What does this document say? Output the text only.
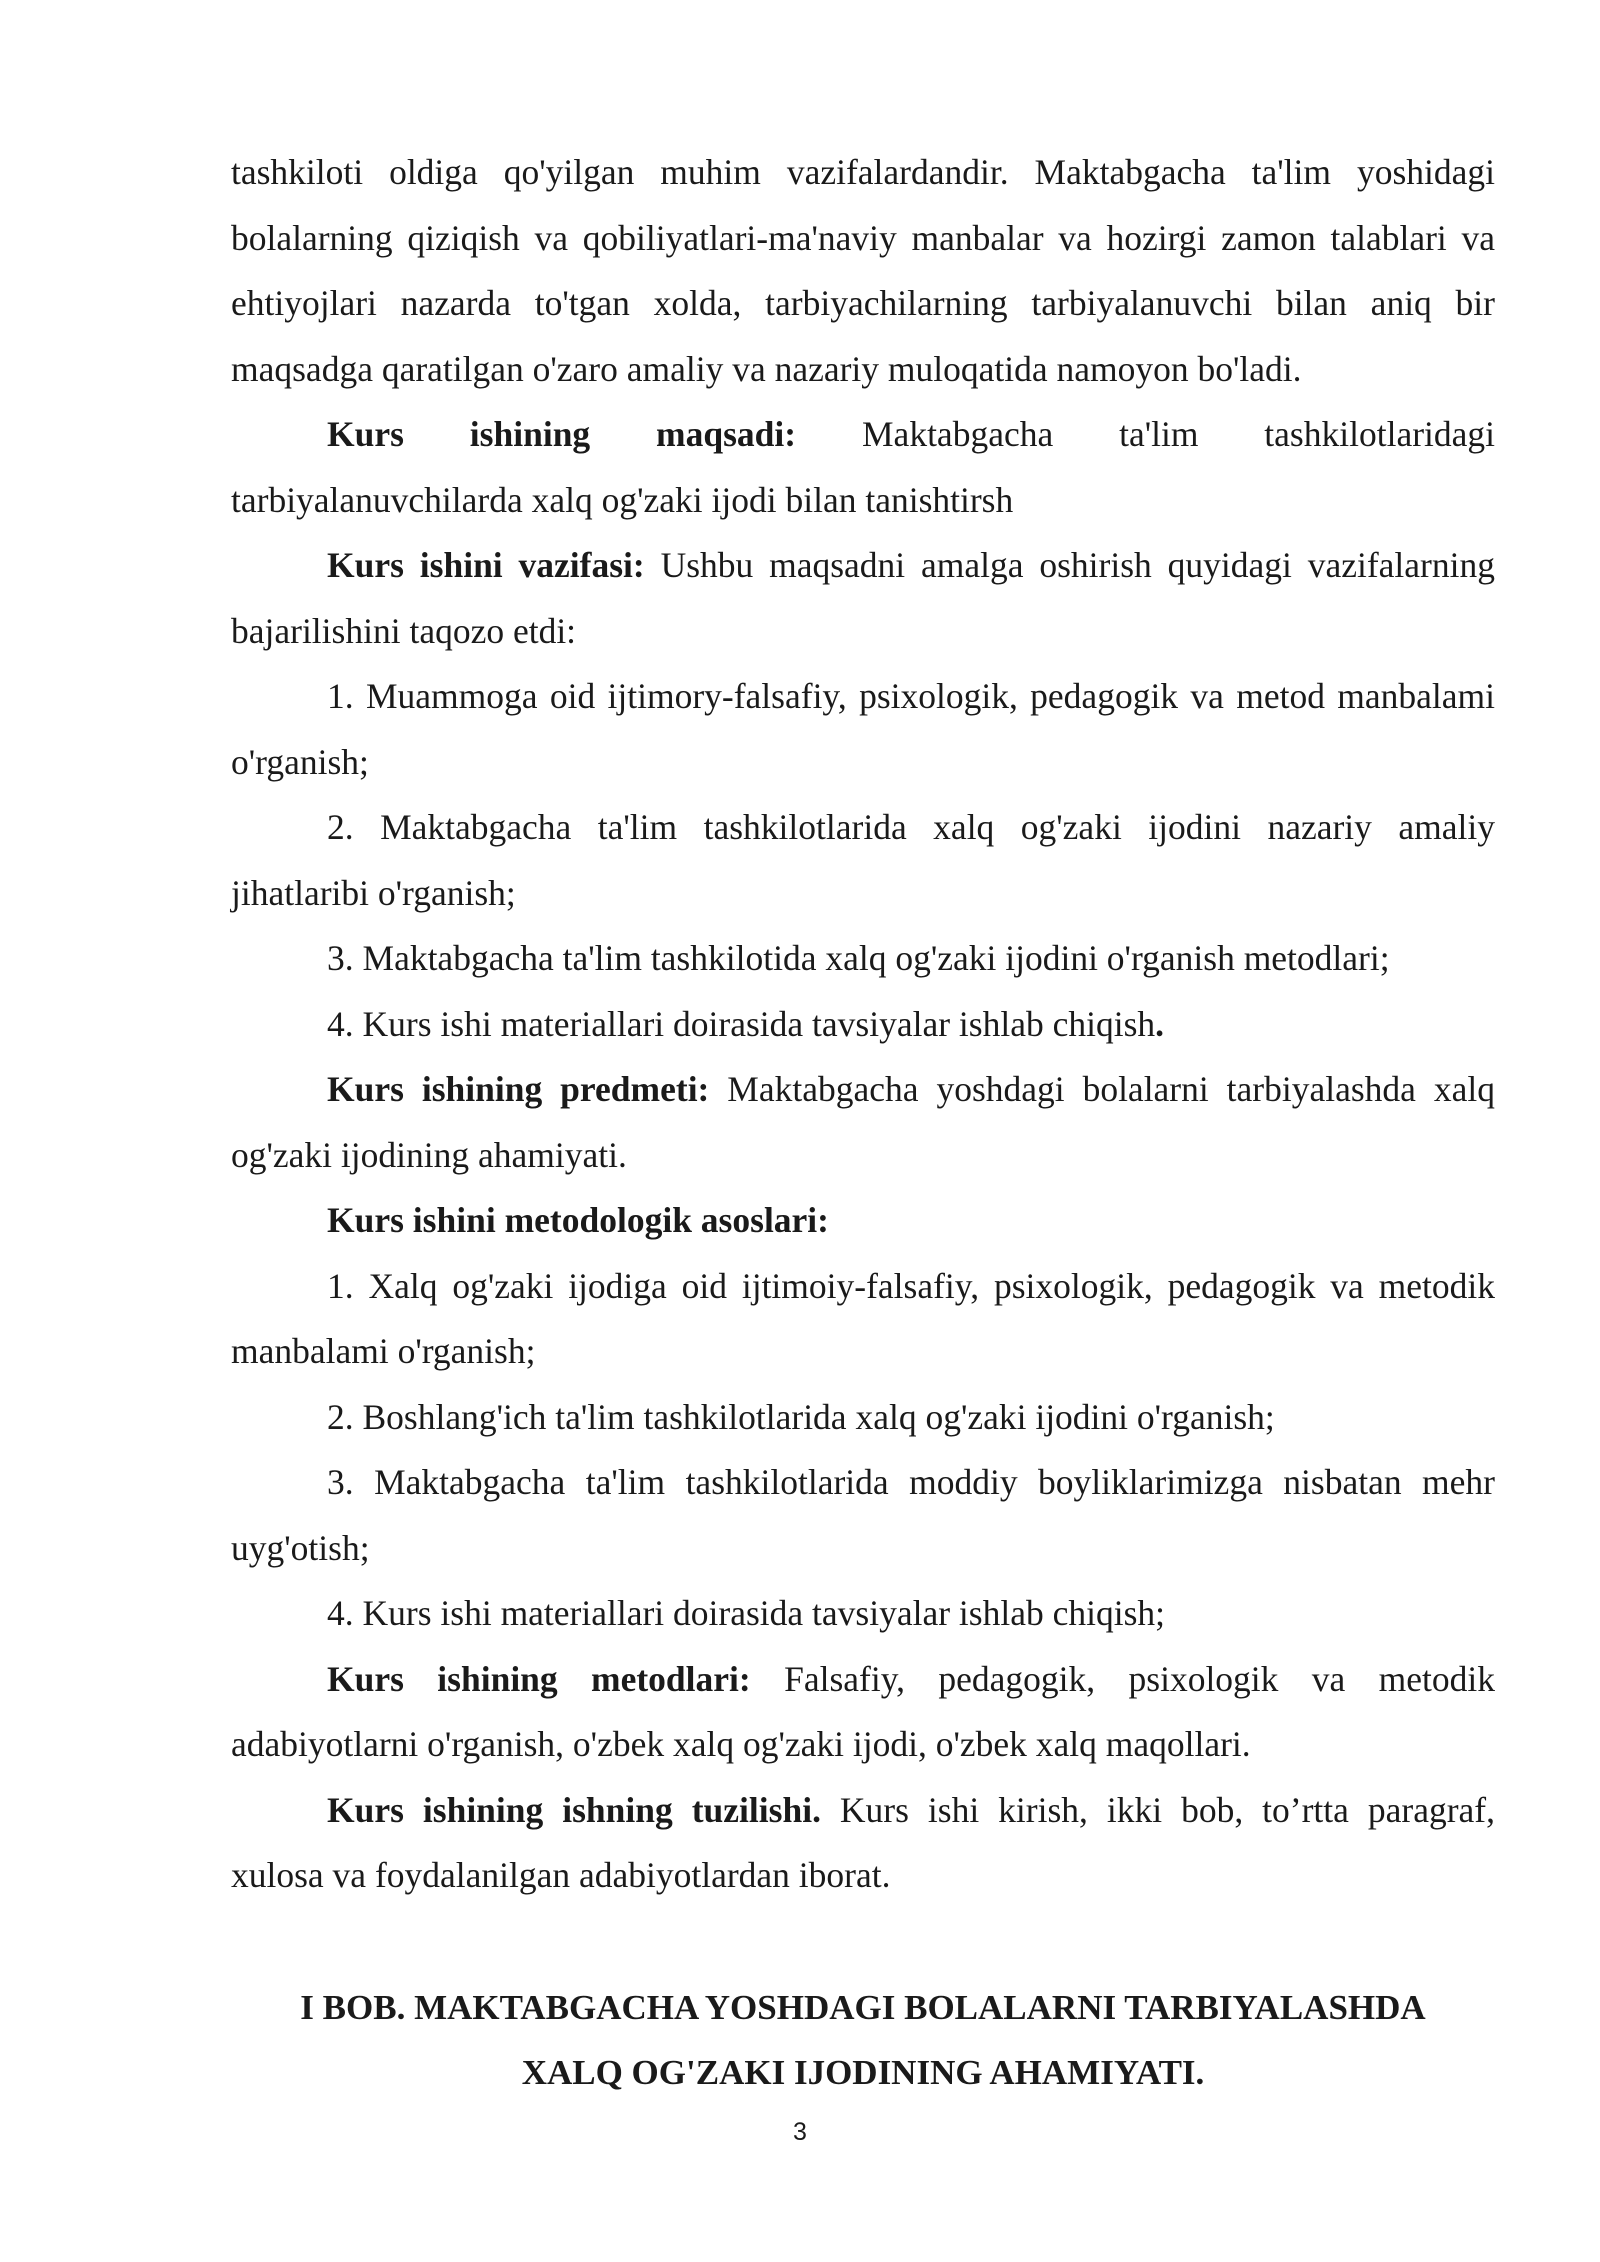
tashkiloti oldiga qo'yilgan muhim vazifalardandir. Maktabgacha ta'lim yoshidagi bolalarning qiziqish va qobiliyatlari-ma'naviy manbalar va hozirgi zamon talablari va ehtiyojlari nazarda to'tgan xolda, tarbiyachilarning tarbiyalanuvchi bilan aniq bir maqsadga qaratilgan o'zaro amaliy va nazariy muloqatida namoyon bo'ladi.

Kurs ishining maqsadi: Maktabgacha ta'lim tashkilotlaridagi tarbiyalanuvchilarda xalq og'zaki ijodi bilan tanishtirsh

Kurs ishini vazifasi: Ushbu maqsadni amalga oshirish quyidagi vazifalarning bajarilishini taqozo etdi:

1. Muammoga oid ijtimory-falsafiy, psixologik, pedagogik va metod manbalami o'rganish;

2. Maktabgacha ta'lim tashkilotlarida xalq og'zaki ijodini nazariy amaliy jihatlaribi o'rganish;

3. Maktabgacha ta'lim tashkilotida xalq og'zaki ijodini o'rganish metodlari;

4. Kurs ishi materiallari doirasida tavsiyalar ishlab chiqish.

Kurs ishining predmeti: Maktabgacha yoshdagi bolalarni tarbiyalashda xalq og'zaki ijodining ahamiyati.

Kurs ishini metodologik asoslari:

1. Xalq og'zaki ijodiga oid ijtimoiy-falsafiy, psixologik, pedagogik va metodik manbalami o'rganish;

2. Boshlang'ich ta'lim tashkilotlarida xalq og'zaki ijodini o'rganish;

3. Maktabgacha ta'lim tashkilotlarida moddiy boyliklarimizga nisbatan mehr uyg'otish;

4. Kurs ishi materiallari doirasida tavsiyalar ishlab chiqish;

Kurs ishining metodlari: Falsafiy, pedagogik, psixologik va metodik adabiyotlarni o'rganish, o'zbek xalq og'zaki ijodi, o'zbek xalq maqollari.

Kurs ishining ishning tuzilishi. Kurs ishi kirish, ikki bob, to’rtta paragraf, xulosa va foydalanilgan adabiyotlardan iborat.

I BOB. MAKTABGACHA YOSHDAGI BOLALARNI TARBIYALASHDA
XALQ OG'ZAKI IJODINING AHAMIYATI.
3
